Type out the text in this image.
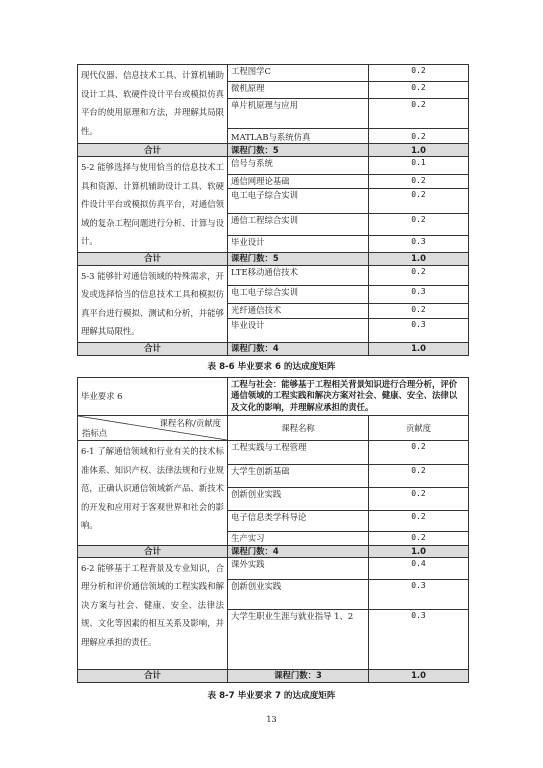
现代仪器、信息技术工具、计算机辅助设计工具、软硬件设计平台或模拟仿真平台的使用原理和方法，并理解其局限性。	工程图学C	0.2
	微机原理	0.2
	单片机原理与应用	0.2
	MATLAB与系统仿真	0.2
合计	课程门数：5	1.0
5-2 能够选择与使用恰当的信息技术工具和资源、计算机辅助设计工具、软硬件设计平台或模拟仿真平台，对通信领域的复杂工程问题进行分析、计算与设计。	信号与系统	0.1
	通信网理论基础	0.2
	电工电子综合实训	0.2
	通信工程综合实训	0.2
	毕业设计	0.3
合计	课程门数：5	1.0
5-3 能够针对通信领域的特殊需求，开发或选择恰当的信息技术工具和模拟仿真平台进行模拟、测试和分析，并能够理解其局限性。	LTE移动通信技术	0.2
	电工电子综合实训	0.3
	光纤通信技术	0.2
	毕业设计	0.3
合计	课程门数：4	1.0
表 8-6 毕业要求 6 的达成度矩阵
毕业要求 6	工程与社会：能够基于工程相关背景知识进行合理分析，评价通信领域的工程实践和解决方案对社会、健康、安全、法律以及文化的影响，并理解应承担的责任。	

课程名称/贡献度
指标点	课程名称	贡献度
6-1 了解通信领域和行业有关的技术标准体系、知识产权、法律法规和行业规范，正确认识通信领域新产品、新技术的开发和应用对于客观世界和社会的影响。	工程实践与工程管理	0.2
	大学生创新基础	0.2
	创新创业实践	0.2
	电子信息类学科导论	0.2
	生产实习	0.2
合计	课程门数：4	1.0
6-2 能够基于工程背景及专业知识，合理分析和评价通信领域的工程实践和解决方案与社会、健康、安全、法律法规、文化等因素的相互关系及影响，并理解应承担的责任。	课外实践	0.4
	创新创业实践	0.3
	大学生职业生涯与就业指导 1、2	0.3
合计	课程门数：3	1.0
表 8-7 毕业要求 7 的达成度矩阵
13
